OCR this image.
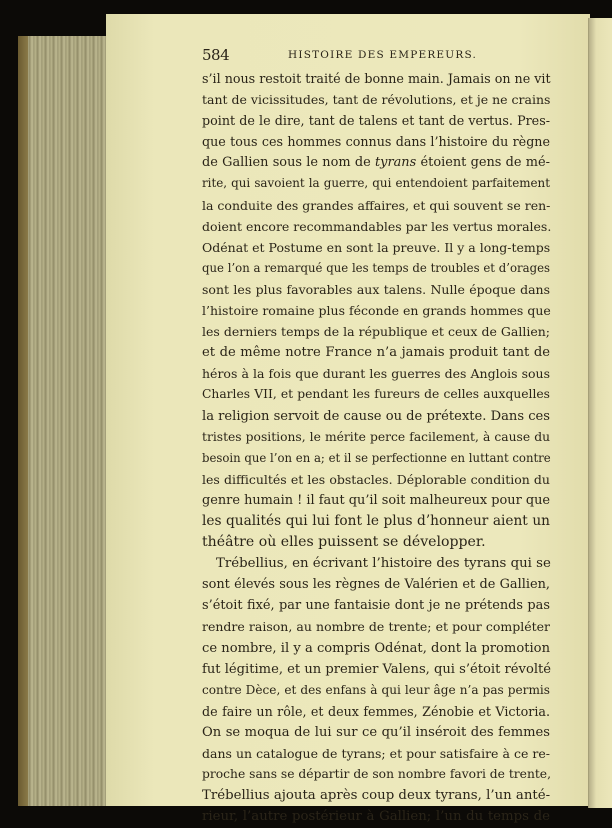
584	HISTOIRE DES EMPEREURS.
s’il nous restoit traité de bonne main. Jamais on ne vit
tant de vicissitudes, tant de révolutions, et je ne crains
point de le dire, tant de talens et tant de vertus. Pres-
que tous ces hommes connus dans l’histoire du règne
de Gallien sous le nom de tyrans étoient gens de mé-
rite, qui savoient la guerre, qui entendoient parfaitement
la conduite des grandes affaires, et qui souvent se ren-
doient encore recommandables par les vertus morales.
Odénat et Postume en sont la preuve. Il y a long-temps
que l’on a remarqué que les temps de troubles et d’orages
sont les plus favorables aux talens. Nulle époque dans
l’histoire romaine plus féconde en grands hommes que
les derniers temps de la république et ceux de Gallien;
et de même notre France n’a jamais produit tant de
héros à la fois que durant les guerres des Anglois sous
Charles VII, et pendant les fureurs de celles auxquelles
la religion servoit de cause ou de prétexte. Dans ces
tristes positions, le mérite perce facilement, à cause du
besoin que l’on en a; et il se perfectionne en luttant contre
les difficultés et les obstacles. Déplorable condition du
genre humain ! il faut qu’il soit malheureux pour que
les qualités qui lui font le plus d’honneur aient un
théâtre où elles puissent se développer.
Trébellius, en écrivant l’histoire des tyrans qui se
sont élevés sous les règnes de Valérien et de Gallien,
s’étoit fixé, par une fantaisie dont je ne prétends pas
rendre raison, au nombre de trente; et pour compléter
ce nombre, il y a compris Odénat, dont la promotion
fut légitime, et un premier Valens, qui s’étoit révolté
contre Dèce, et des enfans à qui leur âge n’a pas permis
de faire un rôle, et deux femmes, Zénobie et Victoria.
On se moqua de lui sur ce qu’il inséroit des femmes
dans un catalogue de tyrans; et pour satisfaire à ce re-
proche sans se départir de son nombre favori de trente,
Trébellius ajouta après coup deux tyrans, l’un anté-
rieur, l’autre postérieur à Gallien; l’un du temps de
